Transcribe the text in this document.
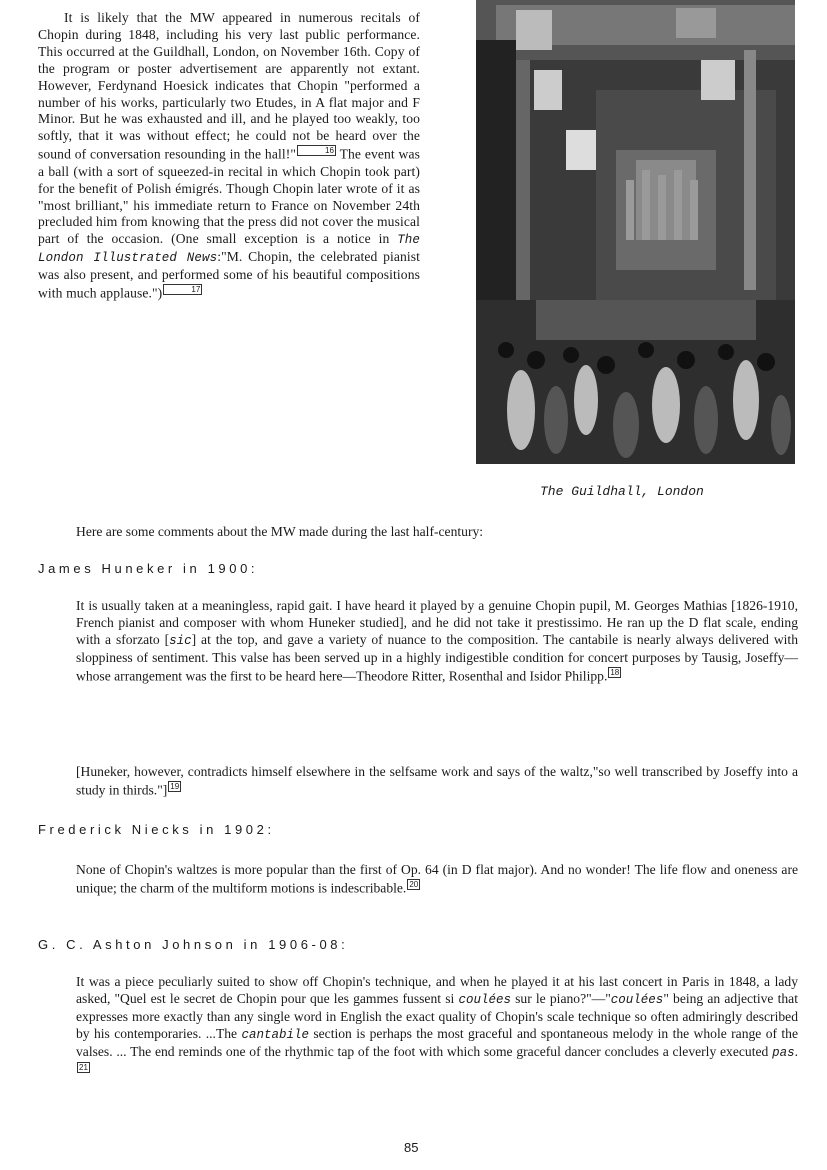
It is likely that the MW appeared in numerous recitals of Chopin during 1848, including his very last public performance. This occurred at the Guildhall, London, on November 16th. Copy of the program or poster advertisement are apparently not extant. However, Ferdynand Hoesick indicates that Chopin "performed a number of his works, particularly two Etudes, in A flat major and F Minor. But he was exhausted and ill, and he played too weakly, too softly, that it was without effect; he could not be heard over the sound of conversation resounding in the hall!"	16 The event was a ball (with a sort of squeezed-in recital in which Chopin took part) for the benefit of Polish émigrés. Though Chopin later wrote of it as "most brilliant," his immediate return to France on November 24th precluded him from knowing that the press did not cover the musical part of the occasion. (One small exception is a notice in The London Illustrated News:"M. Chopin, the celebrated pianist was also present, and performed some of his beautiful compositions with much applause.")	17

The Guildhall, London

Here are some comments about the MW made during the last half-century:

James Huneker in 1900:

It is usually taken at a meaningless, rapid gait. I have heard it played by a genuine Chopin pupil, M. Georges Mathias [1826-1910, French pianist and composer with whom Huneker studied], and he did not take it prestissimo. He ran up the D flat scale, ending with a sforzato [sic] at the top, and gave a variety of nuance to the composition. The cantabile is nearly always delivered with sloppiness of sentiment. This valse has been served up in a highly indigestible condition for concert purposes by Tausig, Joseffy—whose arrangement was the first to be heard here—Theodore Ritter, Rosenthal and Isidor Philipp. 18

[Huneker, however, contradicts himself elsewhere in the selfsame work and says of the waltz,"so well transcribed by Joseffy into a study in thirds."] 19

Frederick Niecks in 1902:

None of Chopin's waltzes is more popular than the first of Op. 64 (in D flat major). And no wonder! The life flow and oneness are unique; the charm of the multiform motions is indescribable. 20

G. C. Ashton Johnson in 1906-08:

It was a piece peculiarly suited to show off Chopin's technique, and when he played it at his last concert in Paris in 1848, a lady asked, "Quel est le secret de Chopin pour que les gammes fussent si coulées sur le piano?"—"coulées" being an adjective that expresses more exactly than any single word in English the exact quality of Chopin's scale technique so often admiringly described by his contemporaries. ...The cantabile section is perhaps the most graceful and spontaneous melody in the whole range of the valses. ... The end reminds one of the rhythmic tap of the foot with which some graceful dancer concludes a cleverly executed pas.21

85
